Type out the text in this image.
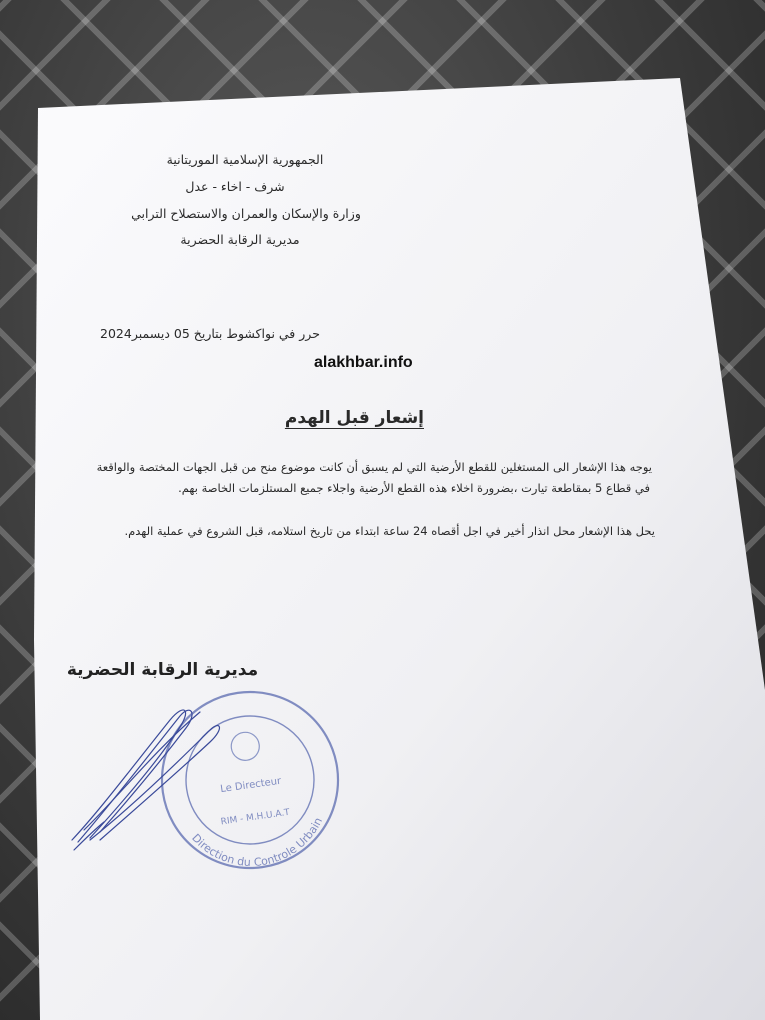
الجمهورية الإسلامية الموريتانية
شرف - اخاء - عدل
وزارة والإسكان والعمران والاستصلاح الترابي
مديرية الرقابة الحضرية
حرر في نواكشوط بتاريخ 05 ديسمبر2024
alakhbar.info
إشعار قبل الهدم
يوجه هذا الإشعار الى المستغلين للقطع الأرضية التي لم يسبق أن كانت موضوع منح من قبل الجهات المختصة والواقعة
في قطاع 5 بمقاطعة تيارت ،بضرورة اخلاء هذه القطع الأرضية واجلاء جميع المستلزمات الخاصة بهم.
يحل هذا الإشعار محل انذار أخير في اجل أقصاه 24 ساعة ابتداء من تاريخ استلامه، قبل الشروع في عملية الهدم.
مديرية الرقابة الحضرية
Direction du Controle Urbain
Le Directeur
RIM - M.H.U.A.T
